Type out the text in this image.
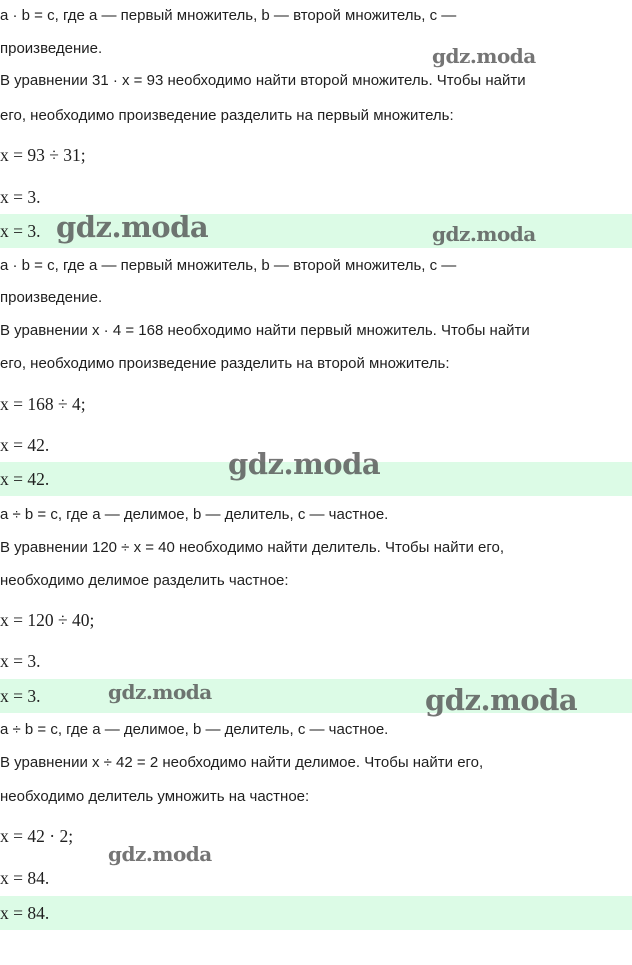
a · b = c, где a — первый множитель, b — второй множитель, c —
произведение.
В уравнении 31 · x = 93 необходимо найти второй множитель. Чтобы найти
его, необходимо произведение разделить на первый множитель:
x = 93 ÷ 31;
x = 3.
x = 3.
a · b = c, где a — первый множитель, b — второй множитель, c —
произведение.
В уравнении x · 4 = 168 необходимо найти первый множитель. Чтобы найти
его, необходимо произведение разделить на второй множитель:
x = 168 ÷ 4;
x = 42.
x = 42.
a ÷ b = c, где a — делимое, b — делитель, c — частное.
В уравнении 120 ÷ x = 40 необходимо найти делитель. Чтобы найти его,
необходимо делимое разделить частное:
x = 120 ÷ 40;
x = 3.
x = 3.
a ÷ b = c, где a — делимое, b — делитель, c — частное.
В уравнении x ÷ 42 = 2 необходимо найти делимое. Чтобы найти его,
необходимо делитель умножить на частное:
x = 42 · 2;
x = 84.
x = 84.
gdz.moda
gdz.moda	gdz.moda
gdz.moda
gdz.moda	gdz.moda
gdz.moda
